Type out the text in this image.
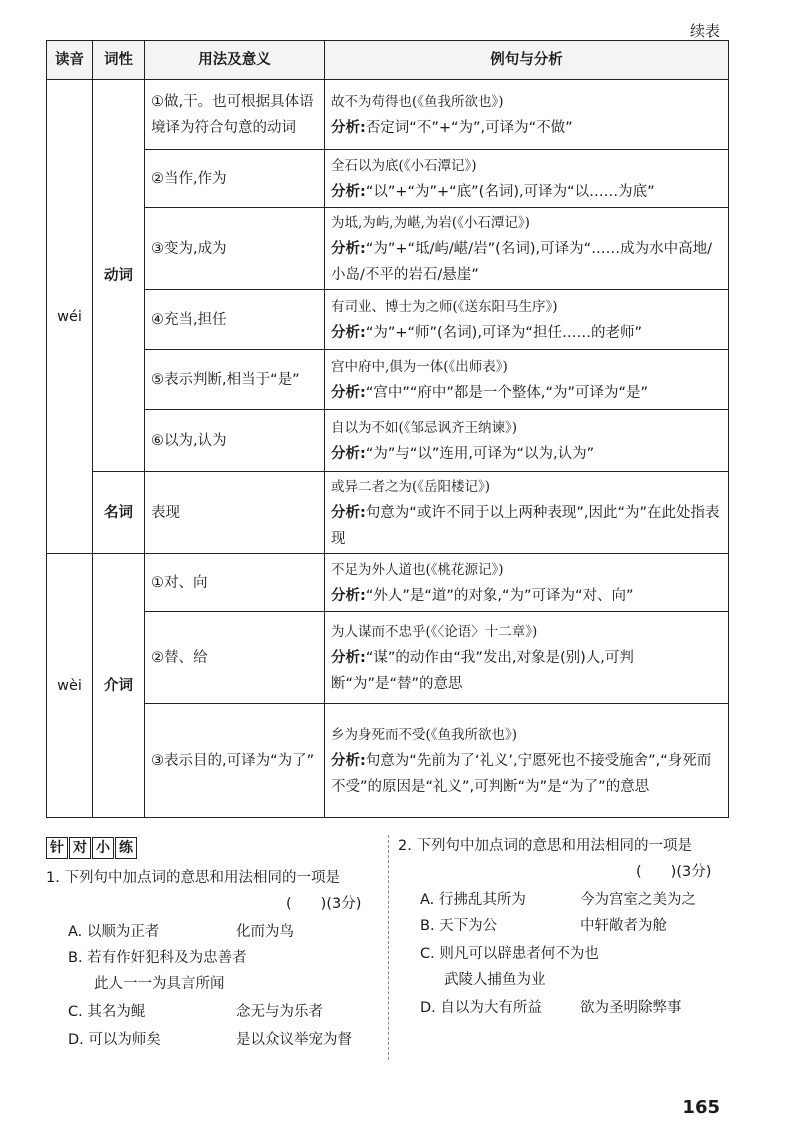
续表
读音	词性	用法及意义	例句与分析
wéi	动词	①做,干。也可根据具体语境译为符合句意的动词	故不为苟得也(《鱼我所欲也》)
分析:否定词“不”+“为”,可译为“不做”

		②当作,作为	全石以为底(《小石潭记》)
分析:“以”+“为”+“底”(名词),可译为“以……为底”

		③变为,成为	为坻,为屿,为嵁,为岩(《小石潭记》)
分析:“为”+“坻/屿/嵁/岩”(名词),可译为“……成为水中高地/小岛/不平的岩石/悬崖”

		④充当,担任	有司业、博士为之师(《送东阳马生序》)
分析:“为”+“师”(名词),可译为“担任……的老师”

		⑤表示判断,相当于“是”	宫中府中,俱为一体(《出师表》)
分析:“宫中”“府中”都是一个整体,“为”可译为“是”

		⑥以为,认为	自以为不如(《邹忌讽齐王纳谏》)
分析:“为”与“以”连用,可译为“以为,认为”

	名词	表现	或异二者之为(《岳阳楼记》)
分析:句意为“或许不同于以上两种表现”,因此“为”在此处指表现

wèi	介词	①对、向	不足为外人道也(《桃花源记》)
分析:“外人”是“道”的对象,“为”可译为“对、向”

		②替、给	为人谋而不忠乎(《〈论语〉十二章》)
分析:“谋”的动作由“我”发出,对象是(别)人,可判断“为”是“替”的意思

		③表示目的,可译为“为了”	乡为身死而不受(《鱼我所欲也》)
分析:句意为“先前为了‘礼义’,宁愿死也不接受施舍”,“身死而不受”的原因是“礼义”,可判断“为”是“为了”的意思
针 对 小 练
1. 下列句中加点词的意思和用法相同的一项是
(　　)(3分)
A. 以顺为正者	化而为鸟
B. 若有作奸犯科及为忠善者
此人一一为具言所闻
C. 其名为鲲	念无与为乐者
D. 可以为师矣	是以众议举宠为督
2. 下列句中加点词的意思和用法相同的一项是
(　　)(3分)
A. 行拂乱其所为	今为宫室之美为之
B. 天下为公	中轩敞者为舱
C. 则凡可以辟患者何不为也
武陵人捕鱼为业
D. 自以为大有所益	欲为圣明除弊事
165
